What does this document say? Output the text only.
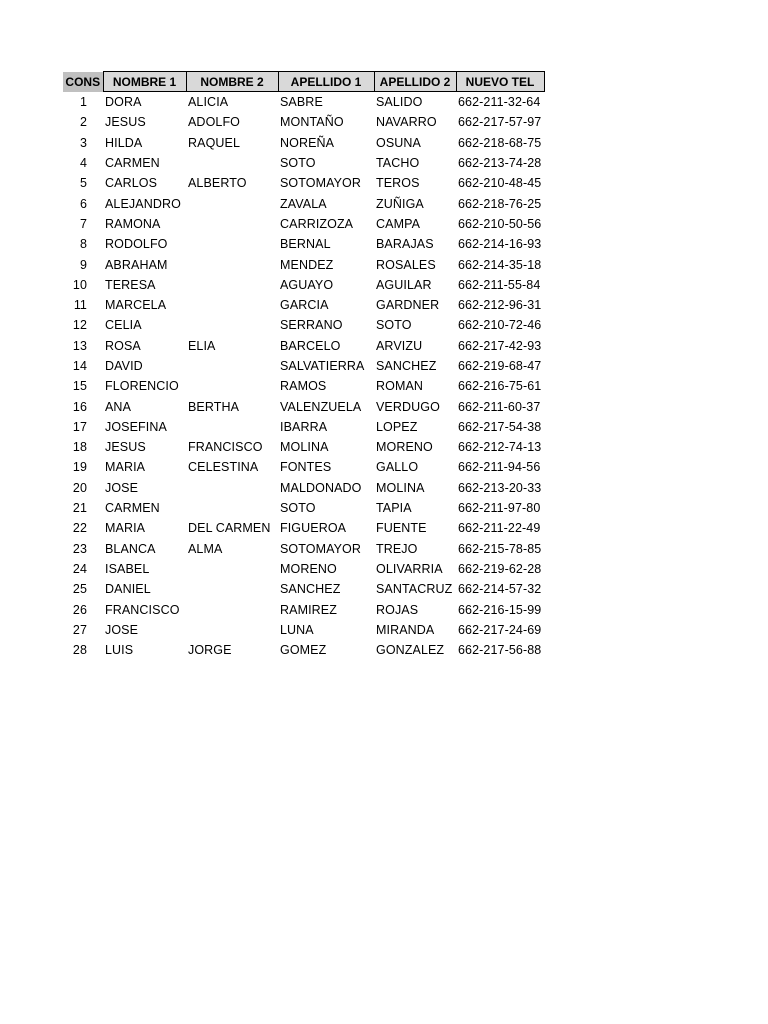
CONS	NOMBRE 1	NOMBRE 2	APELLIDO 1	APELLIDO 2	NUEVO TEL
1	DORA	ALICIA	SABRE	SALIDO	662-211-32-64
2	JESUS	ADOLFO	MONTAÑO	NAVARRO	662-217-57-97
3	HILDA	RAQUEL	NOREÑA	OSUNA	662-218-68-75
4	CARMEN		SOTO	TACHO	662-213-74-28
5	CARLOS	ALBERTO	SOTOMAYOR	TEROS	662-210-48-45
6	ALEJANDRO		ZAVALA	ZUÑIGA	662-218-76-25
7	RAMONA		CARRIZOZA	CAMPA	662-210-50-56
8	RODOLFO		BERNAL	BARAJAS	662-214-16-93
9	ABRAHAM		MENDEZ	ROSALES	662-214-35-18
10	TERESA		AGUAYO	AGUILAR	662-211-55-84
11	MARCELA		GARCIA	GARDNER	662-212-96-31
12	CELIA		SERRANO	SOTO	662-210-72-46
13	ROSA	ELIA	BARCELO	ARVIZU	662-217-42-93
14	DAVID		SALVATIERRA	SANCHEZ	662-219-68-47
15	FLORENCIO		RAMOS	ROMAN	662-216-75-61
16	ANA	BERTHA	VALENZUELA	VERDUGO	662-211-60-37
17	JOSEFINA		IBARRA	LOPEZ	662-217-54-38
18	JESUS	FRANCISCO	MOLINA	MORENO	662-212-74-13
19	MARIA	CELESTINA	FONTES	GALLO	662-211-94-56
20	JOSE		MALDONADO	MOLINA	662-213-20-33
21	CARMEN		SOTO	TAPIA	662-211-97-80
22	MARIA	DEL CARMEN	FIGUEROA	FUENTE	662-211-22-49
23	BLANCA	ALMA	SOTOMAYOR	TREJO	662-215-78-85
24	ISABEL		MORENO	OLIVARRIA	662-219-62-28
25	DANIEL		SANCHEZ	SANTACRUZ	662-214-57-32
26	FRANCISCO		RAMIREZ	ROJAS	662-216-15-99
27	JOSE		LUNA	MIRANDA	662-217-24-69
28	LUIS	JORGE	GOMEZ	GONZALEZ	662-217-56-88
